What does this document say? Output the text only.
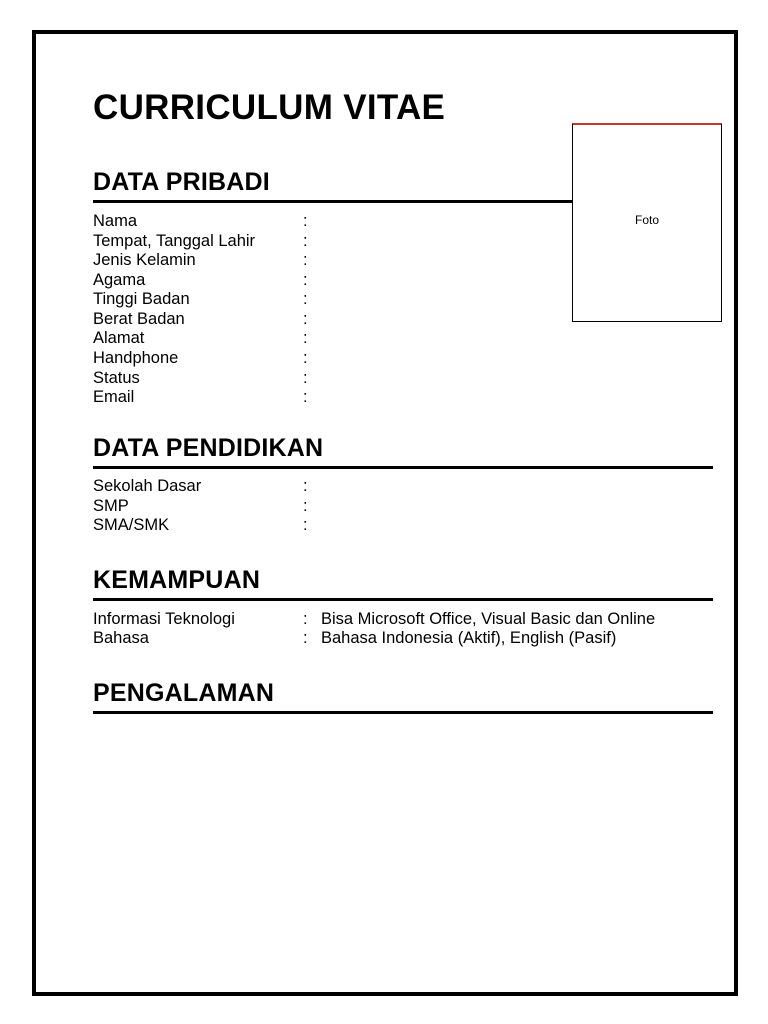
CURRICULUM VITAE
Foto
DATA PRIBADI
Nama	:
Tempat, Tanggal Lahir	:
Jenis Kelamin	:
Agama	:
Tinggi Badan	:
Berat Badan	:
Alamat	:
Handphone	:
Status	:
Email	:
DATA PENDIDIKAN
Sekolah Dasar	:
SMP	:
SMA/SMK	:
KEMAMPUAN
Informasi Teknologi	: Bisa Microsoft Office, Visual Basic dan Online
Bahasa	: Bahasa Indonesia (Aktif), English (Pasif)
PENGALAMAN
